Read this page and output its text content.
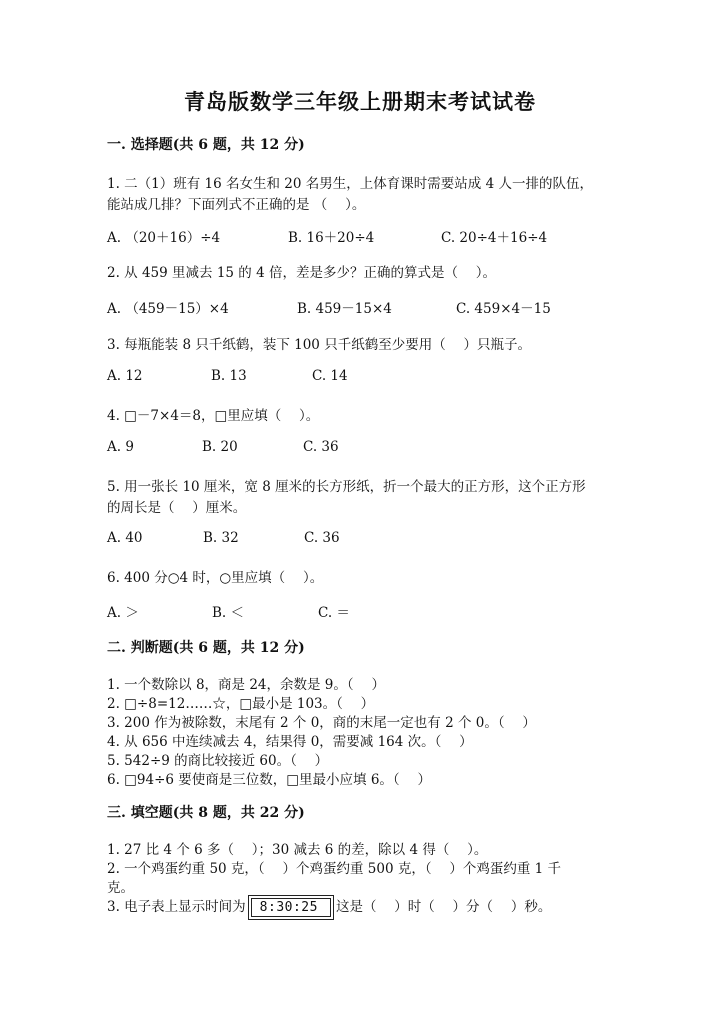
青岛版数学三年级上册期末考试试卷
一. 选择题(共 6 题，共 12 分)
1. 二（1）班有 16 名女生和 20 名男生，上体育课时需要站成 4 人一排的队伍，
能站成几排？下面列式不正确的是 （　 ）。
A. （20＋16）÷4	B. 16＋20÷4	C. 20÷4＋16÷4
2. 从 459 里减去 15 的 4 倍，差是多少？正确的算式是（　 ）。
A. （459－15）×4	B. 459－15×4	C. 459×4－15
3. 每瓶能装 8 只千纸鹤，装下 100 只千纸鹤至少要用（　 ）只瓶子。
A. 12	B. 13	C. 14
4. □－7×4＝8，□里应填（　 ）。
A. 9	B. 20	C. 36
5. 用一张长 10 厘米，宽 8 厘米的长方形纸，折一个最大的正方形，这个正方形
的周长是（　 ）厘米。
A. 40	B. 32	C. 36
6. 400 分○4 时，○里应填（　 ）。
A. ＞	B. ＜	C. ＝
二. 判断题(共 6 题，共 12 分)
1. 一个数除以 8，商是 24，余数是 9。（　 ）
2. □÷8=12……☆，□最小是 103。（　 ）
3. 200 作为被除数，末尾有 2 个 0，商的末尾一定也有 2 个 0。（　 ）
4. 从 656 中连续减去 4，结果得 0，需要减 164 次。（　 ）
5. 542÷9 的商比较接近 60。（　 ）
6. □94÷6 要使商是三位数，□里最小应填 6。（　 ）
三. 填空题(共 8 题，共 22 分)
1. 27 比 4 个 6 多（　 ）；30 减去 6 的差，除以 4 得（　 ）。
2. 一个鸡蛋约重 50 克，（　 ）个鸡蛋约重 500 克，（　 ）个鸡蛋约重 1 千
克。
3. 电子表上显示时间为 8:30:25 这是（　 ）时（　 ）分（　 ）秒。
